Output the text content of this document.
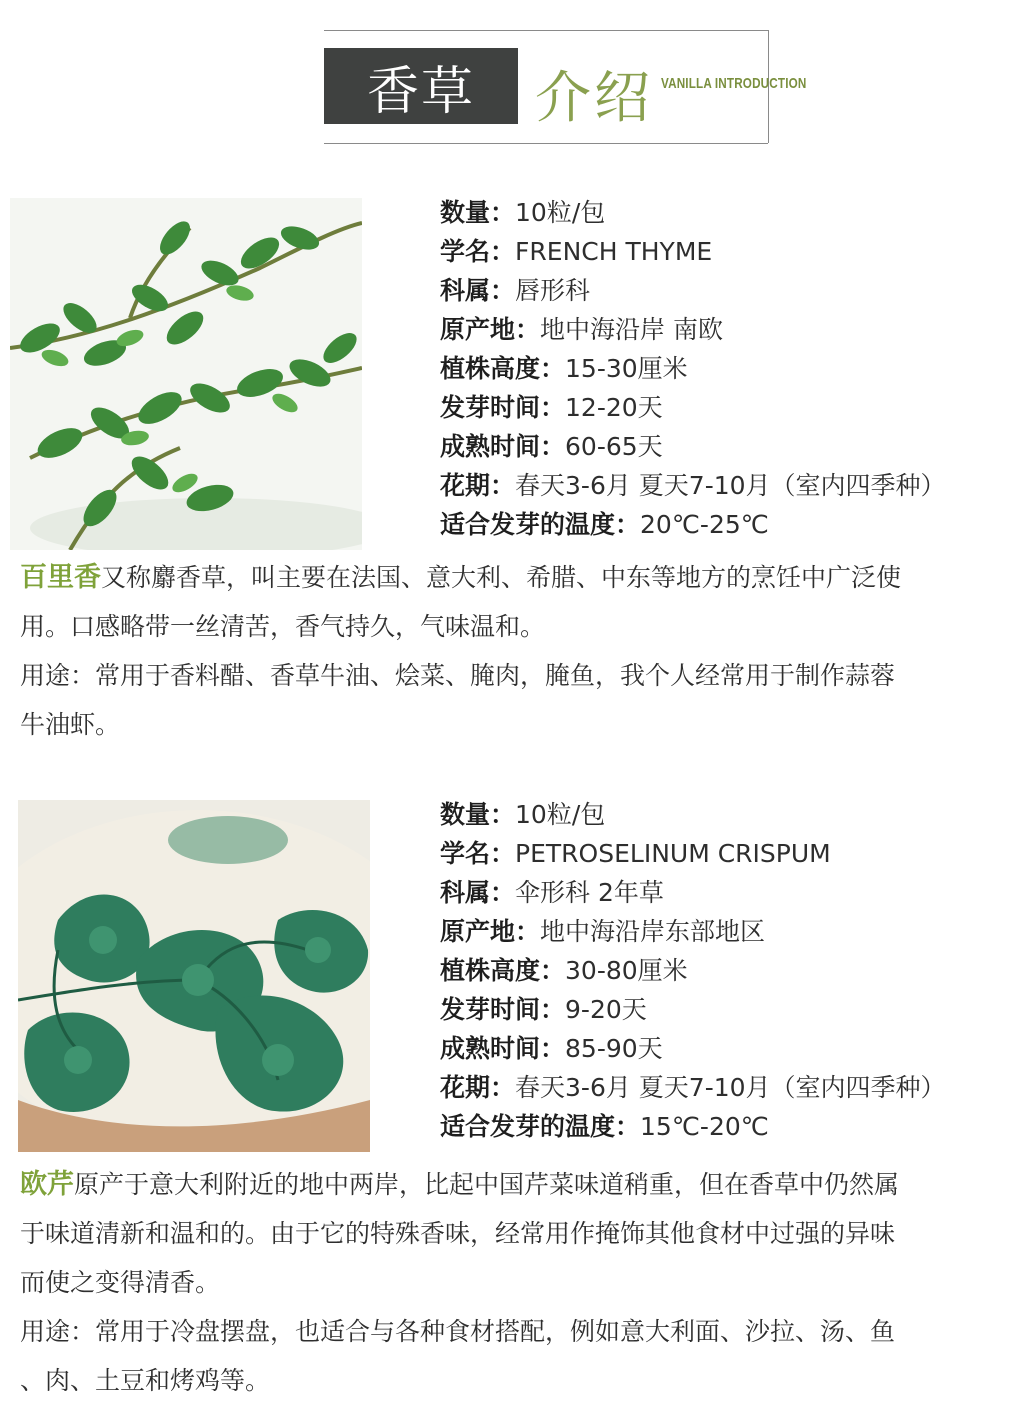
香草	介绍 VANILLA INTRODUCTION
数量：10粒/包
学名：FRENCH THYME
科属：唇形科
原产地：地中海沿岸 南欧
植株高度：15-30厘米
发芽时间：12-20天
成熟时间：60-65天
花期：春天3-6月 夏天7-10月（室内四季种）
适合发芽的温度：20℃-25℃

百里香又称麝香草，叫主要在法国、意大利、希腊、中东等地方的烹饪中广泛使

用。口感略带一丝清苦，香气持久，气味温和。

用途：常用于香料醋、香草牛油、烩菜、腌肉，腌鱼，我个人经常用于制作蒜蓉

牛油虾。

数量：10粒/包
学名：PETROSELINUM CRISPUM
科属：伞形科 2年草
原产地：地中海沿岸东部地区
植株高度：30-80厘米
发芽时间：9-20天
成熟时间：85-90天
花期：春天3-6月 夏天7-10月（室内四季种）
适合发芽的温度：15℃-20℃

欧芹原产于意大利附近的地中两岸，比起中国芹菜味道稍重，但在香草中仍然属

于味道清新和温和的。由于它的特殊香味，经常用作掩饰其他食材中过强的异味

而使之变得清香。

用途：常用于冷盘摆盘，也适合与各种食材搭配，例如意大利面、沙拉、汤、鱼

、肉、土豆和烤鸡等。
